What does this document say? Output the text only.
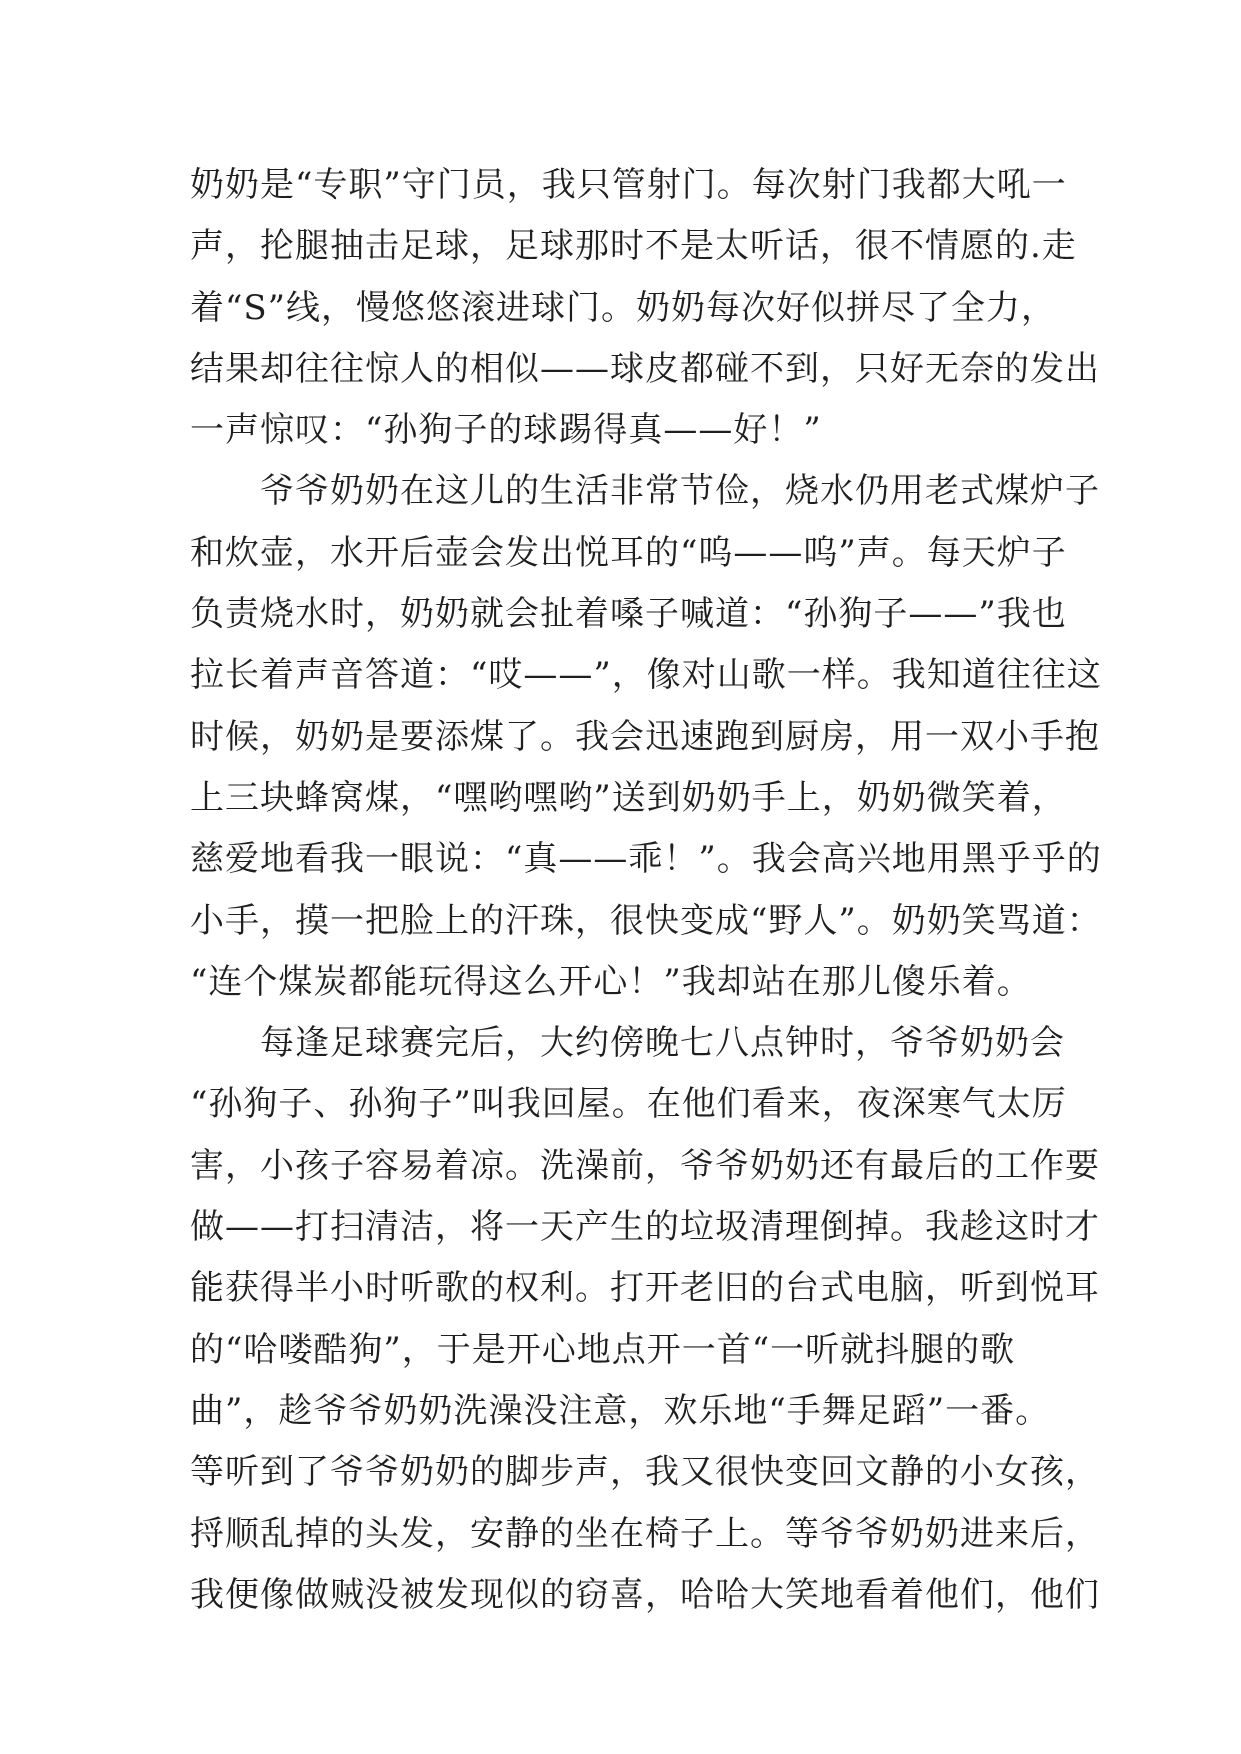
奶奶是“专职”守门员，我只管射门。每次射门我都大吼一
声，抡腿抽击足球，足球那时不是太听话，很不情愿的.走
着“S”线，慢悠悠滚进球门。奶奶每次好似拼尽了全力，
结果却往往惊人的相似——球皮都碰不到，只好无奈的发出
一声惊叹：“孙狗子的球踢得真——好！”
　　爷爷奶奶在这儿的生活非常节俭，烧水仍用老式煤炉子
和炊壶，水开后壶会发出悦耳的“呜——呜”声。每天炉子
负责烧水时，奶奶就会扯着嗓子喊道：“孙狗子——”我也
拉长着声音答道：“哎——”，像对山歌一样。我知道往往这
时候，奶奶是要添煤了。我会迅速跑到厨房，用一双小手抱
上三块蜂窝煤，“嘿哟嘿哟”送到奶奶手上，奶奶微笑着，
慈爱地看我一眼说：“真——乖！”。我会高兴地用黑乎乎的
小手，摸一把脸上的汗珠，很快变成“野人”。奶奶笑骂道：
“连个煤炭都能玩得这么开心！”我却站在那儿傻乐着。
　　每逢足球赛完后，大约傍晚七八点钟时，爷爷奶奶会
“孙狗子、孙狗子”叫我回屋。在他们看来，夜深寒气太厉
害，小孩子容易着凉。洗澡前，爷爷奶奶还有最后的工作要
做——打扫清洁，将一天产生的垃圾清理倒掉。我趁这时才
能获得半小时听歌的权利。打开老旧的台式电脑，听到悦耳
的“哈喽酷狗”，于是开心地点开一首“一听就抖腿的歌
曲”，趁爷爷奶奶洗澡没注意，欢乐地“手舞足蹈”一番。
等听到了爷爷奶奶的脚步声，我又很快变回文静的小女孩，
捋顺乱掉的头发，安静的坐在椅子上。等爷爷奶奶进来后，
我便像做贼没被发现似的窃喜，哈哈大笑地看着他们，他们
